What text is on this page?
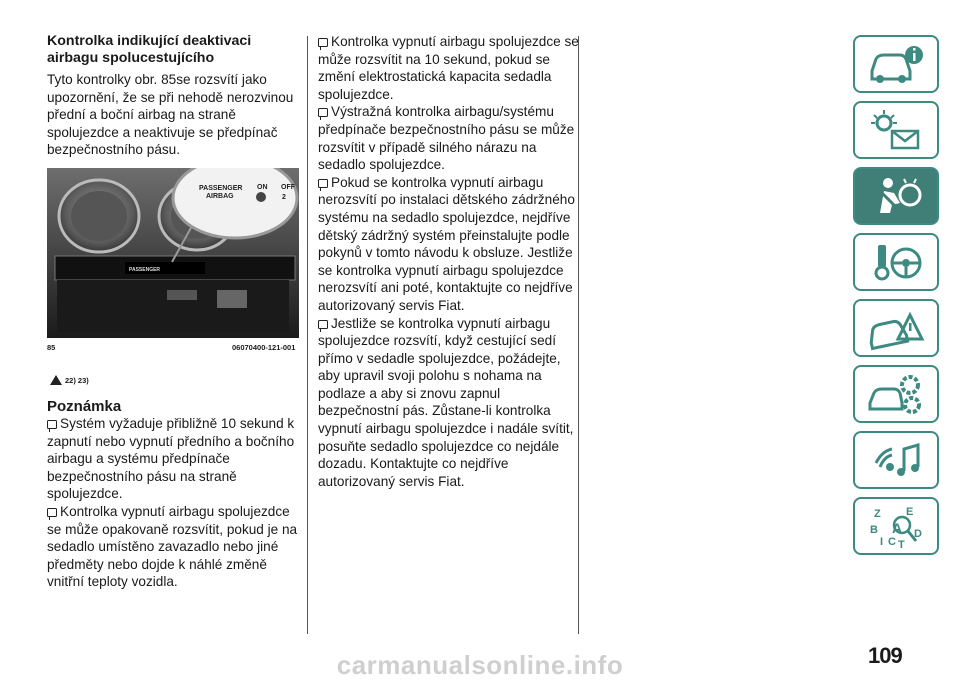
Kontrolka indikující deaktivaci airbagu spolucestujícího

Tyto kontrolky obr. 85se rozsvítí jako upozornění, že se při nehodě nerozvinou přední a boční airbag na straně spolujezdce a neaktivuje se předpínač bezpečnostního pásu.

PASSENGER
PASSENGER
AIRBAG
ON OFF
2
85	06070400-121-001
22) 23)
Poznámka

Systém vyžaduje přibližně 10 sekund k zapnutí nebo vypnutí předního a bočního airbagu a systému předpínače bezpečnostního pásu na straně spolujezdce.

Kontrolka vypnutí airbagu spolujezdce se může opakovaně rozsvítit, pokud je na sedadlo umístěno zavazadlo nebo jiné předměty nebo dojde k náhlé změně vnitřní teploty vozidla.

Kontrolka vypnutí airbagu spolujezdce se může rozsvítit na 10 sekund, pokud se změní elektrostatická kapacita sedadla spolujezdce.

Výstražná kontrolka airbagu/systému předpínače bezpečnostního pásu se může rozsvítit v případě silného nárazu na sedadlo spolujezdce.

Pokud se kontrolka vypnutí airbagu nerozsvítí po instalaci dětského zádržného systému na sedadlo spolujezdce, nejdříve dětský zádržný systém přeinstalujte podle pokynů v tomto návodu k obsluze. Jestliže se kontrolka vypnutí airbagu spolujezdce nerozsvítí ani poté, kontaktujte co nejdříve autorizovaný servis Fiat.

Jestliže se kontrolka vypnutí airbagu spolujezdce rozsvítí, když cestující sedí přímo v sedadle spolujezdce, požádejte, aby upravil svoji polohu s nohama na podlaze a aby si znovu zapnul bezpečnostní pás. Zůstane-li kontrolka vypnutí airbagu spolujezdce i nadále svítit, posuňte sedadlo spolujezdce co nejdále dozadu. Kontaktujte co nejdříve autorizovaný servis Fiat.

Z E
B A D
C
I T
109
carmanualsonline.info
